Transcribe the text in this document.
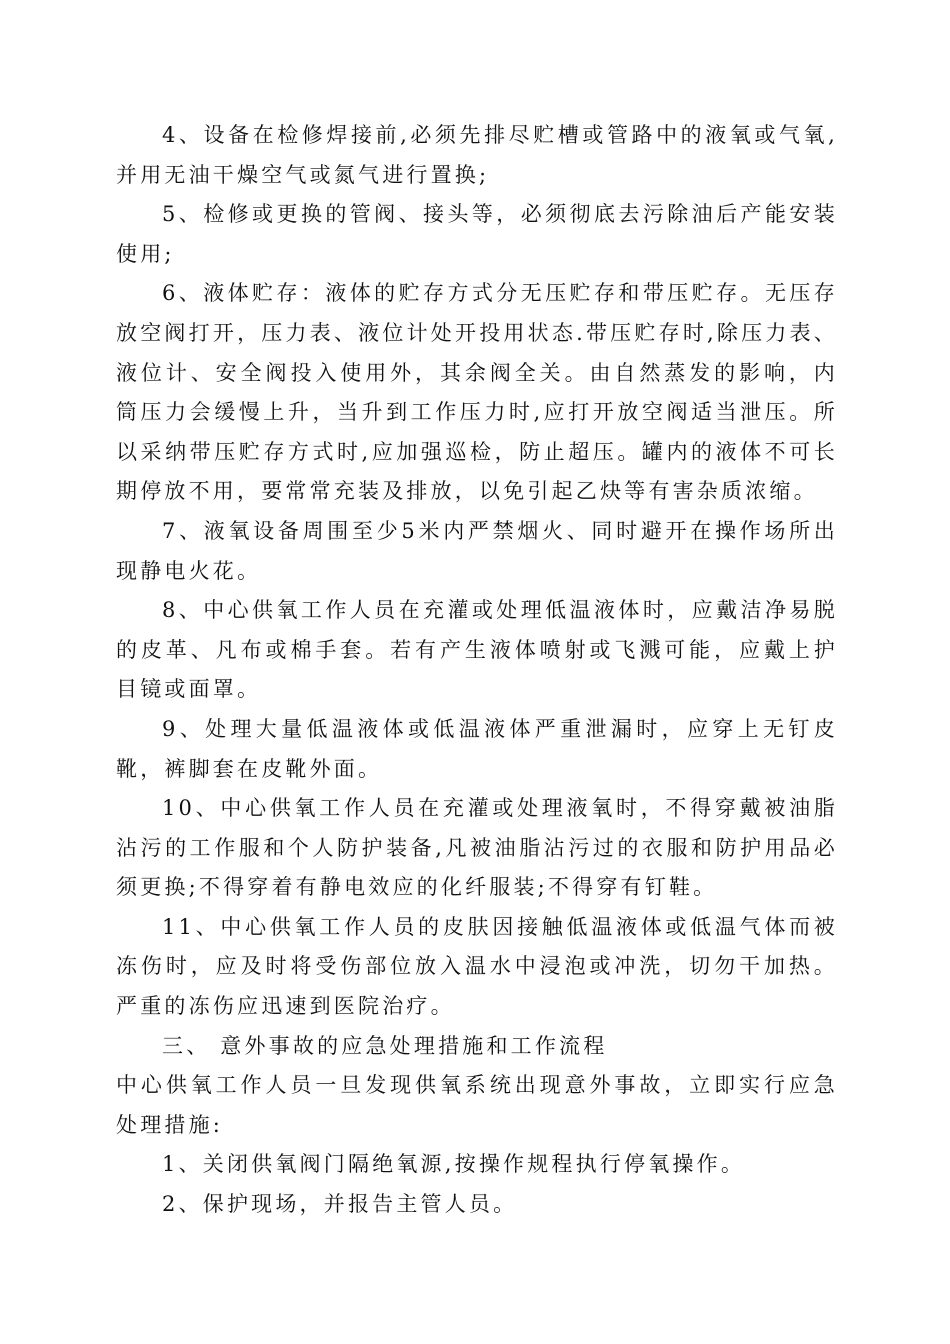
4、设备在检修焊接前,必须先排尽贮槽或管路中的液氧或气氧,并用无油干燥空气或氮气进行置换;

5、检修或更换的管阀、接头等，必须彻底去污除油后产能安装使用;

6、液体贮存：液体的贮存方式分无压贮存和带压贮存。无压存放空阀打开，压力表、液位计处开投用状态.带压贮存时,除压力表、液位计、安全阀投入使用外，其余阀全关。由自然蒸发的影响，内筒压力会缓慢上升，当升到工作压力时,应打开放空阀适当泄压。所以采纳带压贮存方式时,应加强巡检，防止超压。罐内的液体不可长期停放不用，要常常充装及排放，以免引起乙炔等有害杂质浓缩。

7、液氧设备周围至少5米内严禁烟火、同时避开在操作场所出现静电火花。

8、中心供氧工作人员在充灌或处理低温液体时，应戴洁净易脱的皮革、凡布或棉手套。若有产生液体喷射或飞溅可能，应戴上护目镜或面罩。

9、处理大量低温液体或低温液体严重泄漏时，应穿上无钉皮靴，裤脚套在皮靴外面。

10、中心供氧工作人员在充灌或处理液氧时，不得穿戴被油脂沾污的工作服和个人防护装备,凡被油脂沾污过的衣服和防护用品必须更换;不得穿着有静电效应的化纤服装;不得穿有钉鞋。

11、中心供氧工作人员的皮肤因接触低温液体或低温气体而被冻伤时，应及时将受伤部位放入温水中浸泡或冲洗，切勿干加热。严重的冻伤应迅速到医院治疗。

三、 意外事故的应急处理措施和工作流程

中心供氧工作人员一旦发现供氧系统出现意外事故，立即实行应急处理措施:

1、关闭供氧阀门隔绝氧源,按操作规程执行停氧操作。

2、保护现场，并报告主管人员。
